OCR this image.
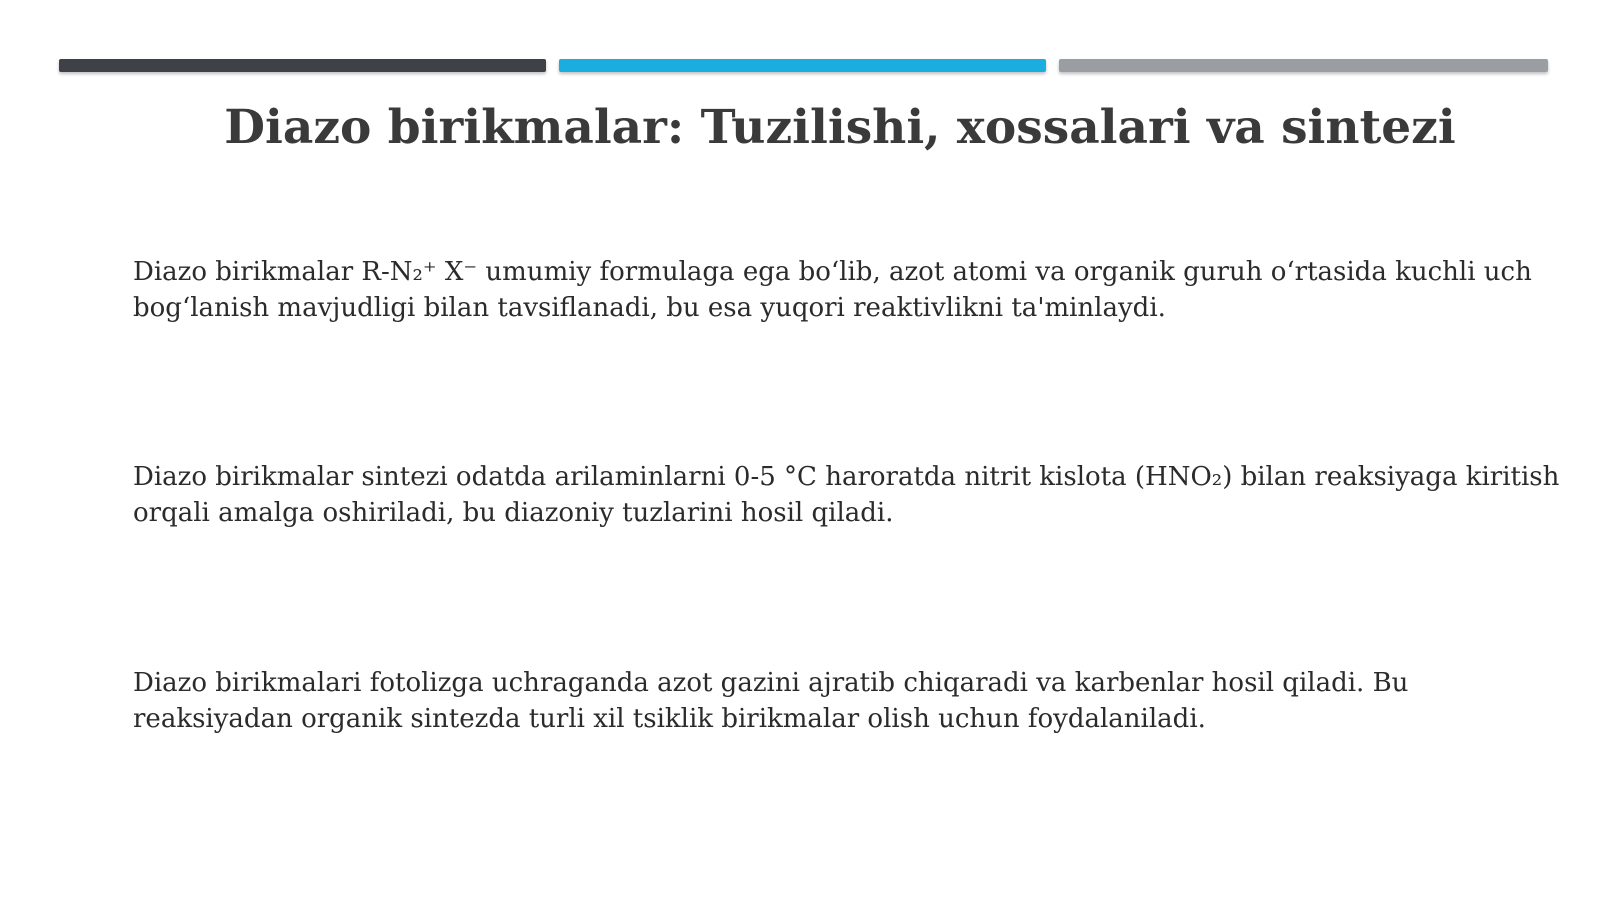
Diazo birikmalar: Tuzilishi, xossalari va sintezi

Diazo birikmalar R-N₂⁺ X⁻ umumiy formulaga ega bo‘lib, azot atomi va organik guruh o‘rtasida kuchli uch bog‘lanish mavjudligi bilan tavsiflanadi, bu esa yuqori reaktivlikni ta'minlaydi.

Diazo birikmalar sintezi odatda arilaminlarni 0-5 °C haroratda nitrit kislota (HNO₂) bilan reaksiyaga kiritish orqali amalga oshiriladi, bu diazoniy tuzlarini hosil qiladi.

Diazo birikmalari fotolizga uchraganda azot gazini ajratib chiqaradi va karbenlar hosil qiladi. Bu reaksiyadan organik sintezda turli xil tsiklik birikmalar olish uchun foydalaniladi.
